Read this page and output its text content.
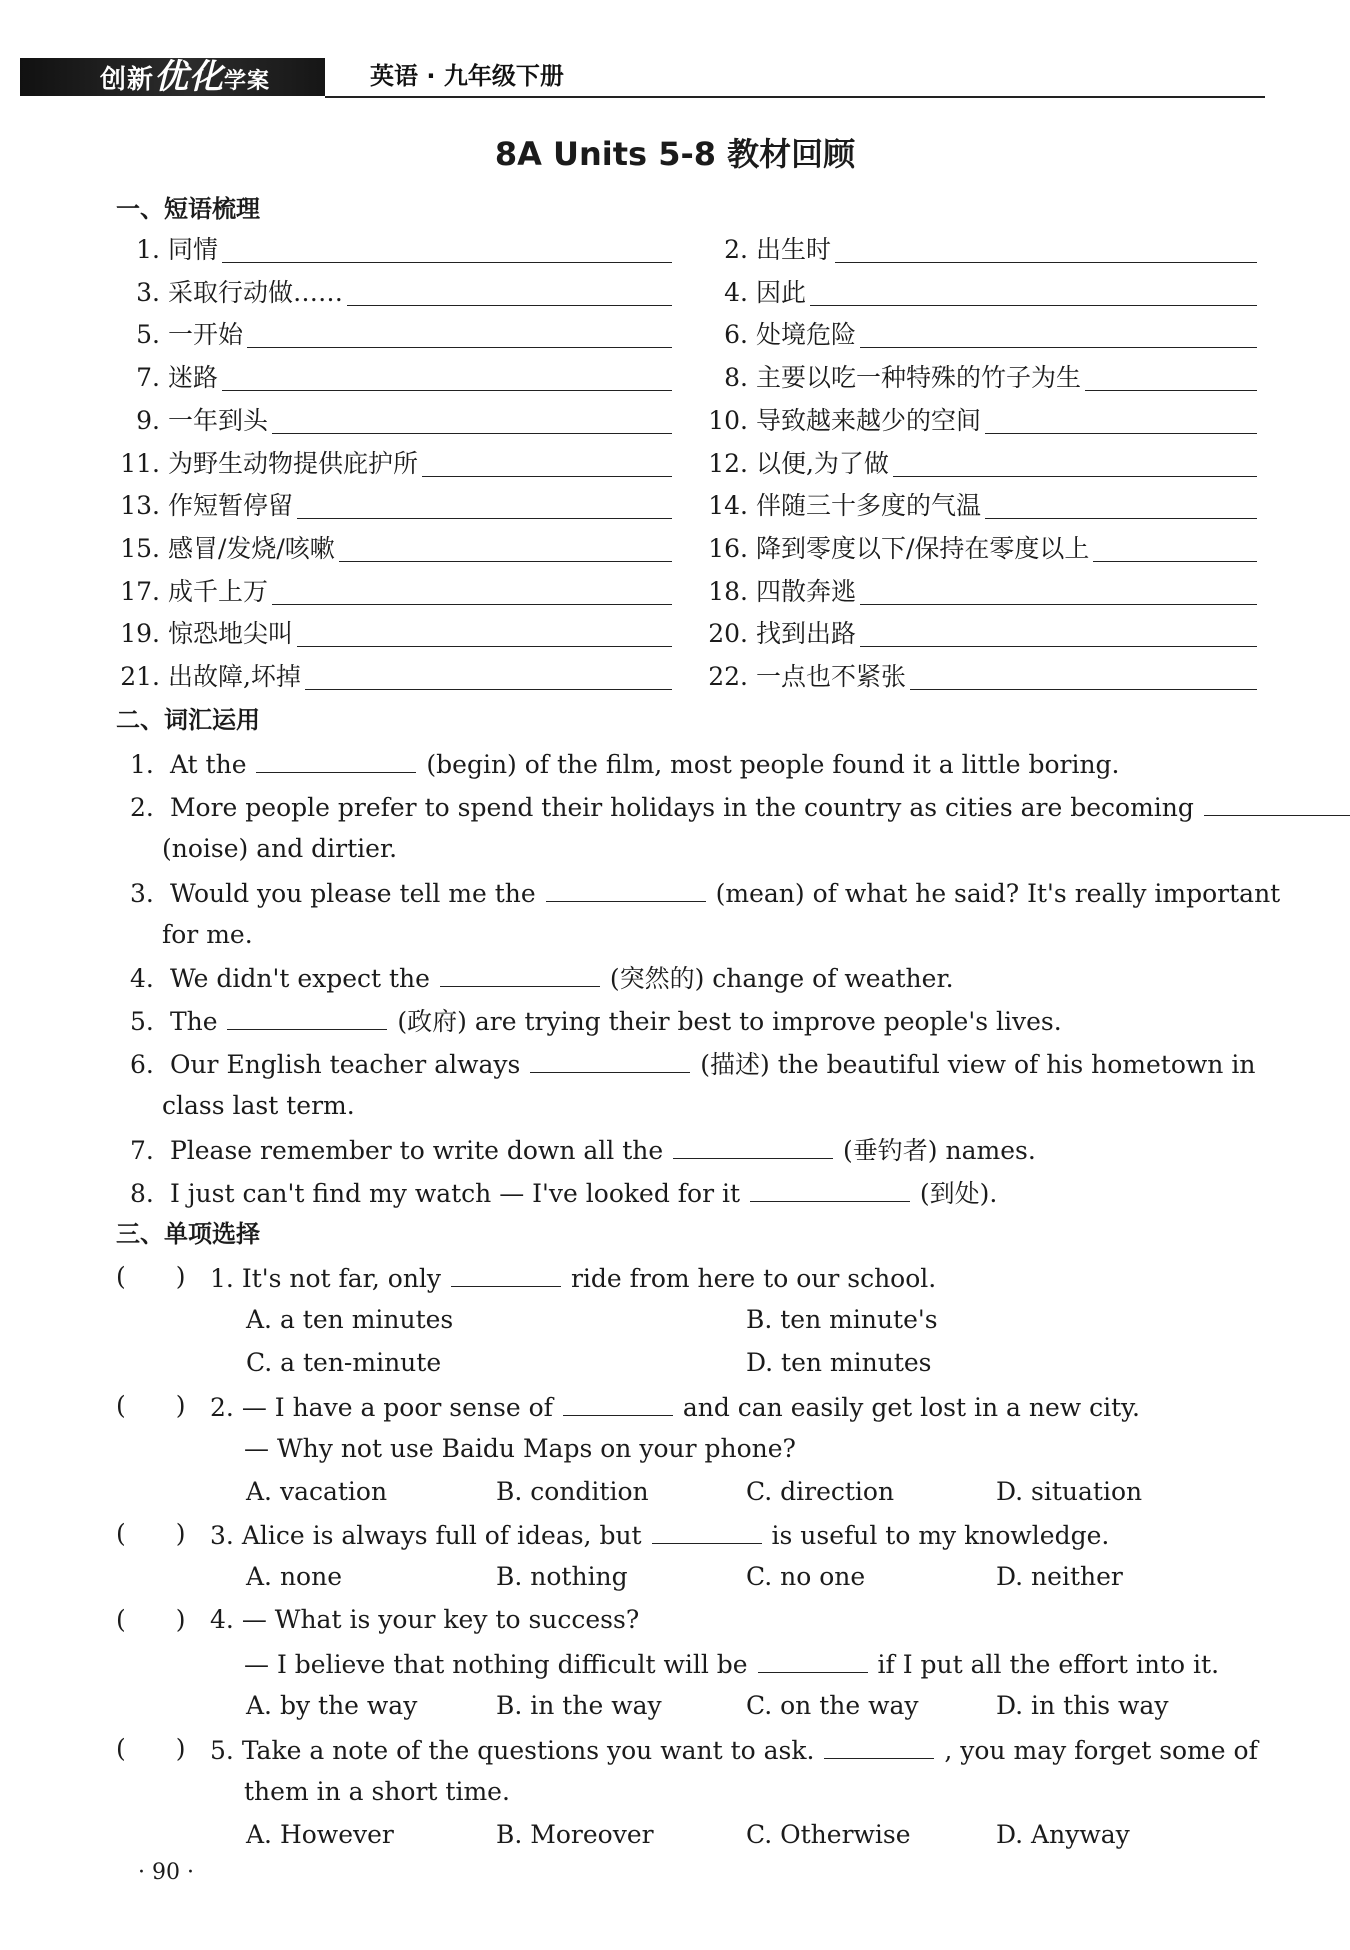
创新优化学案	英语 · 九年级下册
8A Units 5-8 教材回顾
一、短语梳理
1. 同情	2. 出生时
3. 采取行动做……	4. 因此
5. 一开始	6. 处境危险
7. 迷路	8. 主要以吃一种特殊的竹子为生
9. 一年到头	10. 导致越来越少的空间
11. 为野生动物提供庇护所	12. 以便,为了做
13. 作短暂停留	14. 伴随三十多度的气温
15. 感冒/发烧/咳嗽	16. 降到零度以下/保持在零度以上
17. 成千上万	18. 四散奔逃
19. 惊恐地尖叫	20. 找到出路
21. 出故障,坏掉	22. 一点也不紧张
二、词汇运用
1. At the	(begin) of the film, most people found it a little boring.
2. More people prefer to spend their holidays in the country as cities are becoming
(noise) and dirtier.
3. Would you please tell me the	(mean) of what he said? It's really important
for me.
4. We didn't expect the	(突然的) change of weather.
5. The	(政府) are trying their best to improve people's lives.
6. Our English teacher always	(描述) the beautiful view of his hometown in
class last term.
7. Please remember to write down all the	(垂钓者) names.
8. I just can't find my watch — I've looked for it	(到处).
三、单项选择
(　　) 1. It's not far, only	ride from here to our school.
A. a ten minutes	B. ten minute's
C. a ten-minute	D. ten minutes
(　　) 2. — I have a poor sense of	and can easily get lost in a new city.
— Why not use Baidu Maps on your phone?
A. vacation	B. condition	C. direction	D. situation
(　　) 3. Alice is always full of ideas, but	is useful to my knowledge.
A. none	B. nothing	C. no one	D. neither
(　　) 4. — What is your key to success?
— I believe that nothing difficult will be	if I put all the effort into it.
A. by the way	B. in the way	C. on the way	D. in this way
(　　) 5. Take a note of the questions you want to ask.	, you may forget some of
them in a short time.
A. However	B. Moreover	C. Otherwise	D. Anyway
· 90 ·
